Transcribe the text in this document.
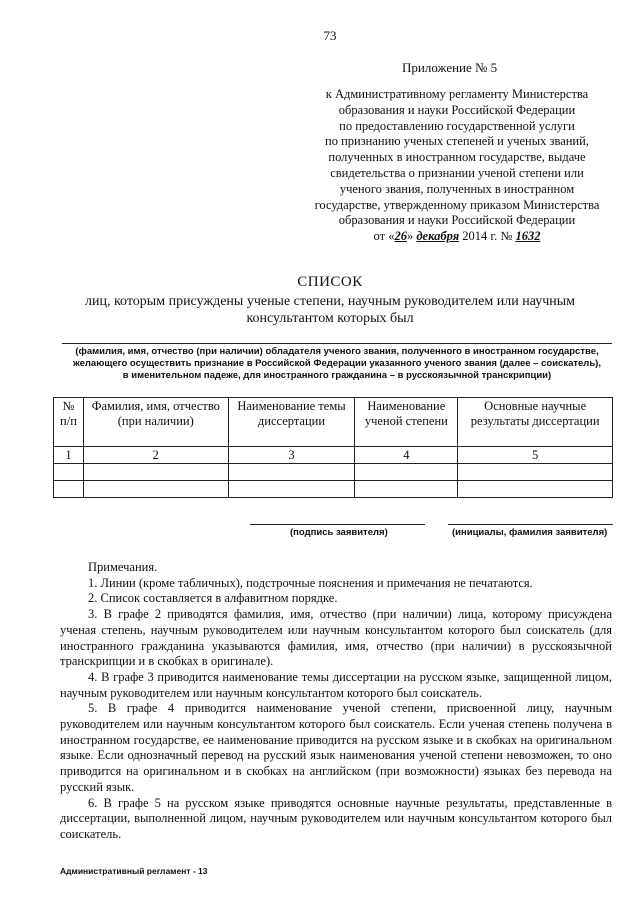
73
Приложение № 5
к Административному регламенту Министерства
образования и науки Российской Федерации
по предоставлению государственной услуги
по признанию ученых степеней и ученых званий,
полученных в иностранном государстве, выдаче
свидетельства о признании ученой степени или
ученого звания, полученных в иностранном
государстве, утвержденному приказом Министерства
образования и науки Российской Федерации
от «26» декабря 2014 г. № 1632
СПИСОК
лиц, которым присуждены ученые степени, научным руководителем или научным консультантом которых был
(фамилия, имя, отчество (при наличии) обладателя ученого звания, полученного в иностранном государстве,
желающего осуществить признание в Российской Федерации указанного ученого звания (далее – соискатель),
в именительном падеже, для иностранного гражданина – в русскоязычной транскрипции)
№ п/п	Фамилия, имя, отчество (при наличии)	Наименование темы диссертации	Наименование ученой степени	Основные научные результаты диссертации
1	2	3	4	5

(подпись заявителя)	(инициалы, фамилия заявителя)

Примечания.

1. Линии (кроме табличных), подстрочные пояснения и примечания не печатаются.

2. Список составляется в алфавитном порядке.

3. В графе 2 приводятся фамилия, имя, отчество (при наличии) лица, которому присуждена ученая степень, научным руководителем или научным консультантом которого был соискатель (для иностранного гражданина указываются фамилия, имя, отчество (при наличии) в русскоязычной транскрипции и в скобках в оригинале).

4. В графе 3 приводится наименование темы диссертации на русском языке, защищенной лицом, научным руководителем или научным консультантом которого был соискатель.

5. В графе 4 приводится наименование ученой степени, присвоенной лицу, научным руководителем или научным консультантом которого был соискатель. Если ученая степень получена в иностранном государстве, ее наименование приводится на русском языке и в скобках на оригинальном языке. Если однозначный перевод на русский язык наименования ученой степени невозможен, то оно приводится на оригинальном и в скобках на английском (при возможности) языках без перевода на русский язык.

6. В графе 5 на русском языке приводятся основные научные результаты, представленные в диссертации, выполненной лицом, научным руководителем или научным консультантом которого был соискатель.

Административный регламент - 13
